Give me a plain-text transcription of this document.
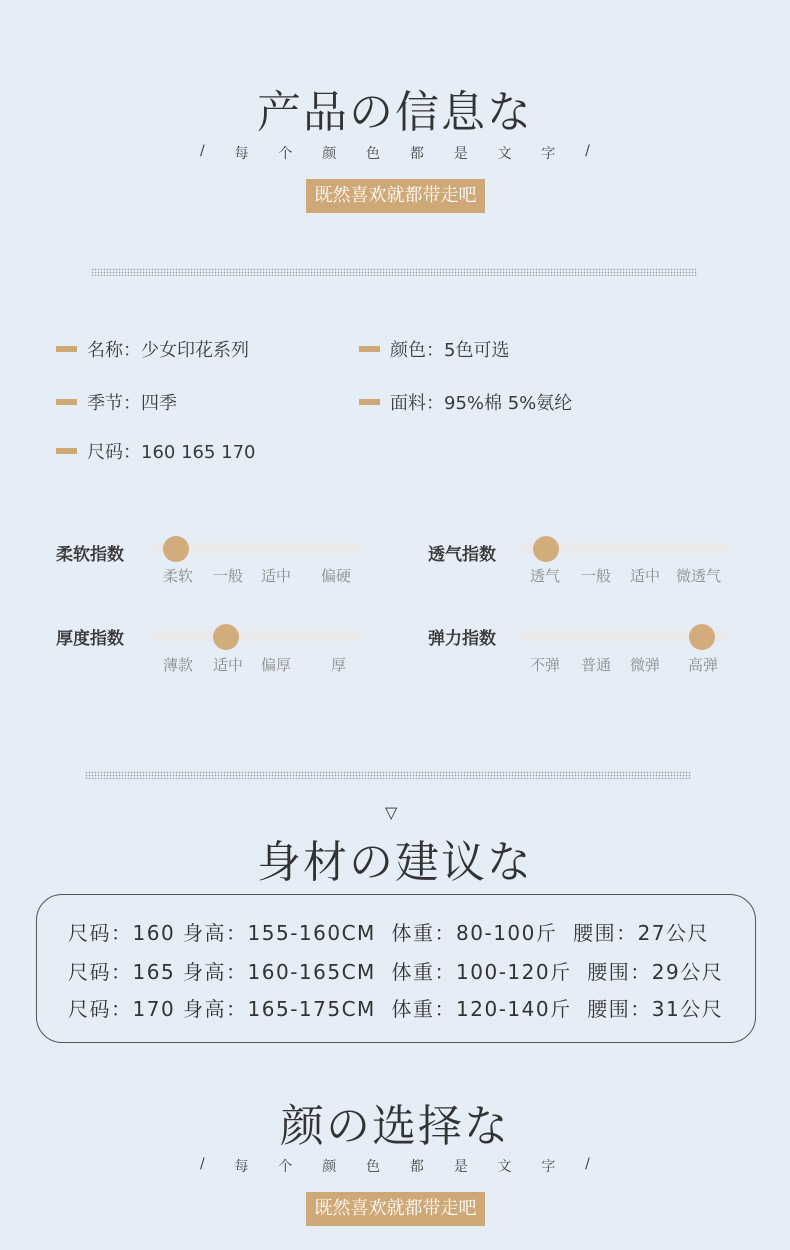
产品の信息な
/ 每 个 颜 色 都 是 文 字 /
既然喜欢就都带走吧
名称：少女印花系列	颜色：5色可选
季节：四季	面料：95%棉 5%氨纶
尺码：160 165 170
柔软指数
柔软 一般 适中 偏硬
透气指数
透气 一般 适中 微透气
厚度指数
薄款 适中 偏厚	厚
弹力指数
不弹 普通 微弹 高弹
▽
身材の建议な
尺码：160 身高：155-160CM  体重：80-100斤  腰围：27公尺
尺码：165 身高：160-165CM  体重：100-120斤  腰围：29公尺
尺码：170 身高：165-175CM  体重：120-140斤  腰围：31公尺
颜の选择な
/ 每 个 颜 色 都 是 文 字 /
既然喜欢就都带走吧
